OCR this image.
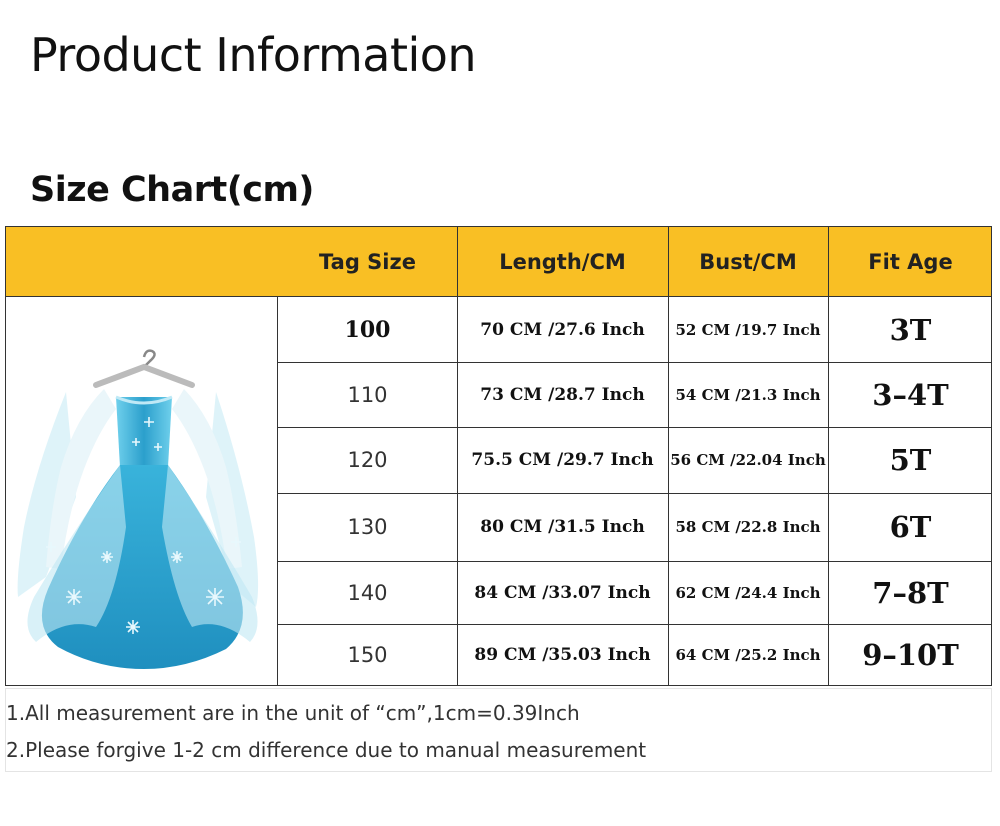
Product Information
Size Chart(cm)
Tag Size	Length/CM	Bust/CM	Fit Age
100	70 CM /27.6 Inch	52 CM /19.7 Inch	3T
110	73 CM /28.7 Inch	54 CM /21.3 Inch	3–4T
120	75.5 CM /29.7 Inch	56 CM /22.04 Inch	5T
130	80 CM /31.5 Inch	58 CM /22.8 Inch	6T
140	84 CM /33.07 Inch	62 CM /24.4 Inch	7–8T
150	89 CM /35.03 Inch	64 CM /25.2 Inch	9–10T
1.All measurement are in the unit of “cm”,1cm=0.39Inch
2.Please forgive 1-2 cm difference due to manual measurement
